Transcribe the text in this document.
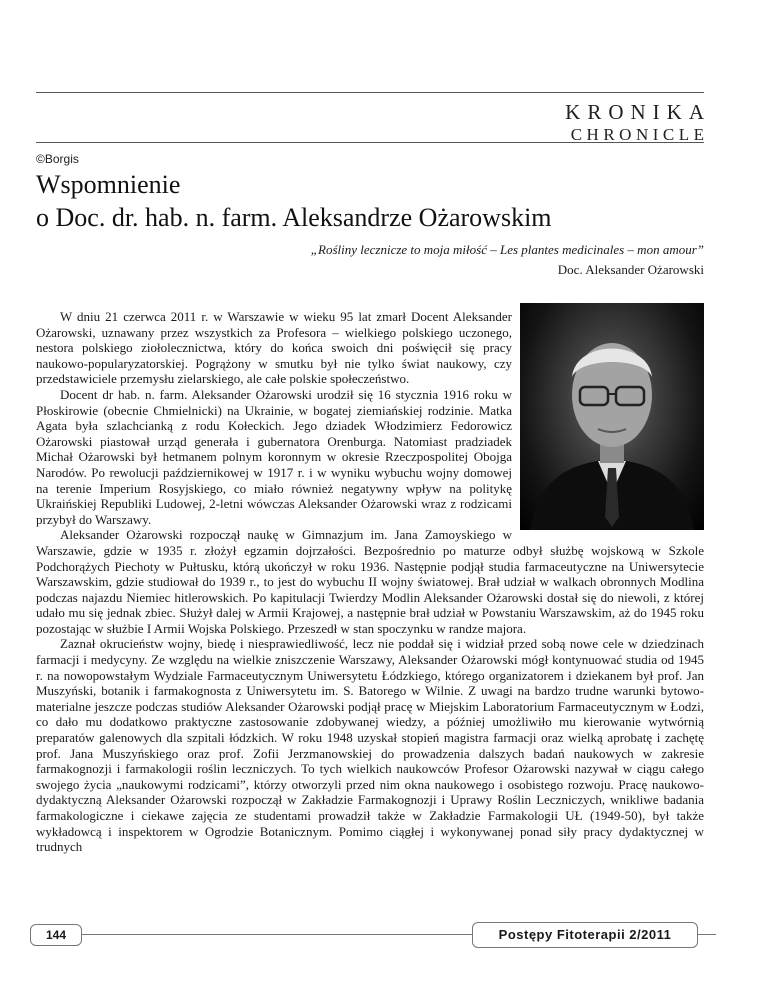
KRONIKA
CHRONICLE
©Borgis
Wspomnienie
o Doc. dr. hab. n. farm. Aleksandrze Ożarowskim
„Rośliny lecznicze to moja miłość – Les plantes medicinales – mon amour”
Doc. Aleksander Ożarowski

W dniu 21 czerwca 2011 r. w Warszawie w wieku 95 lat zmarł Docent Aleksander Ożarowski, uznawany przez wszystkich za Profesora – wielkiego polskiego uczonego, nestora polskiego ziołolecznictwa, który do końca swoich dni poświęcił się pracy naukowo-popularyzatorskiej. Pogrążony w smutku był nie tylko świat naukowy, czy przedstawiciele przemysłu zielarskiego, ale całe polskie społeczeństwo.

Docent dr hab. n. farm. Aleksander Ożarowski urodził się 16 stycznia 1916 roku w Płoskirowie (obecnie Chmielnicki) na Ukrainie, w bogatej ziemiańskiej rodzinie. Matka Agata była szlachcianką z rodu Kołeckich. Jego dziadek Włodzimierz Fedorowicz Ożarowski piastował urząd generała i gubernatora Orenburga. Natomiast pradziadek Michał Ożarowski był hetmanem polnym koronnym w okresie Rzeczpospolitej Obojga Narodów. Po rewolucji październikowej w 1917 r. i w wyniku wybuchu wojny domowej na terenie Imperium Rosyjskiego, co miało również negatywny wpływ na politykę Ukraińskiej Republiki Ludowej, 2-letni wówczas Aleksander Ożarowski wraz z rodzicami przybył do Warszawy.

Aleksander Ożarowski rozpoczął naukę w Gimnazjum im. Jana Zamoyskiego w Warszawie, gdzie w 1935 r. złożył egzamin dojrzałości. Bezpośrednio po maturze odbył służbę wojskową w Szkole Podchorążych Piechoty w Pułtusku, którą ukończył w roku 1936. Następnie podjął studia farmaceutyczne na Uniwersytecie Warszawskim, gdzie studiował do 1939 r., to jest do wybuchu II wojny światowej. Brał udział w walkach obronnych Modlina podczas najazdu Niemiec hitlerowskich. Po kapitulacji Twierdzy Modlin Aleksander Ożarowski dostał się do niewoli, z której udało mu się jednak zbiec. Służył dalej w Armii Krajowej, a następnie brał udział w Powstaniu Warszawskim, aż do 1945 roku pozostając w służbie I Armii Wojska Polskiego. Przeszedł w stan spoczynku w randze majora.

Zaznał okrucieństw wojny, biedę i niesprawiedliwość, lecz nie poddał się i widział przed sobą nowe cele w dziedzinach farmacji i medycyny. Ze względu na wielkie zniszczenie Warszawy, Aleksander Ożarowski mógł kontynuować studia od 1945 r. na nowopowstałym Wydziale Farmaceutycznym Uniwersytetu Łódzkiego, którego organizatorem i dziekanem był prof. Jan Muszyński, botanik i farmakognosta z Uniwersytetu im. S. Batorego w Wilnie. Z uwagi na bardzo trudne warunki bytowo-materialne jeszcze podczas studiów Aleksander Ożarowski podjął pracę w Miejskim Laboratorium Farmaceutycznym w Łodzi, co dało mu dodatkowo praktyczne zastosowanie zdobywanej wiedzy, a później umożliwiło mu kierowanie wytwórnią preparatów galenowych dla szpitali łódzkich. W roku 1948 uzyskał stopień magistra farmacji oraz wielką aprobatę i zachętę prof. Jana Muszyńskiego oraz prof. Zofii Jerzmanowskiej do prowadzenia dalszych badań naukowych w zakresie farmakognozji i farmakologii roślin leczniczych. To tych wielkich naukowców Profesor Ożarowski nazywał w ciągu całego swojego życia „naukowymi rodzicami”, którzy otworzyli przed nim okna naukowego i osobistego rozwoju. Pracę naukowo-dydaktyczną Aleksander Ożarowski rozpoczął w Zakładzie Farmakognozji i Uprawy Roślin Leczniczych, wnikliwe badania farmakologiczne i ciekawe zajęcia ze studentami prowadził także w Zakładzie Farmakologii UŁ (1949-50), był także wykładowcą i inspektorem w Ogrodzie Botanicznym. Pomimo ciągłej i wykonywanej ponad siły pracy dydaktycznej w trudnych

144	Postępy Fitoterapii 2/2011
